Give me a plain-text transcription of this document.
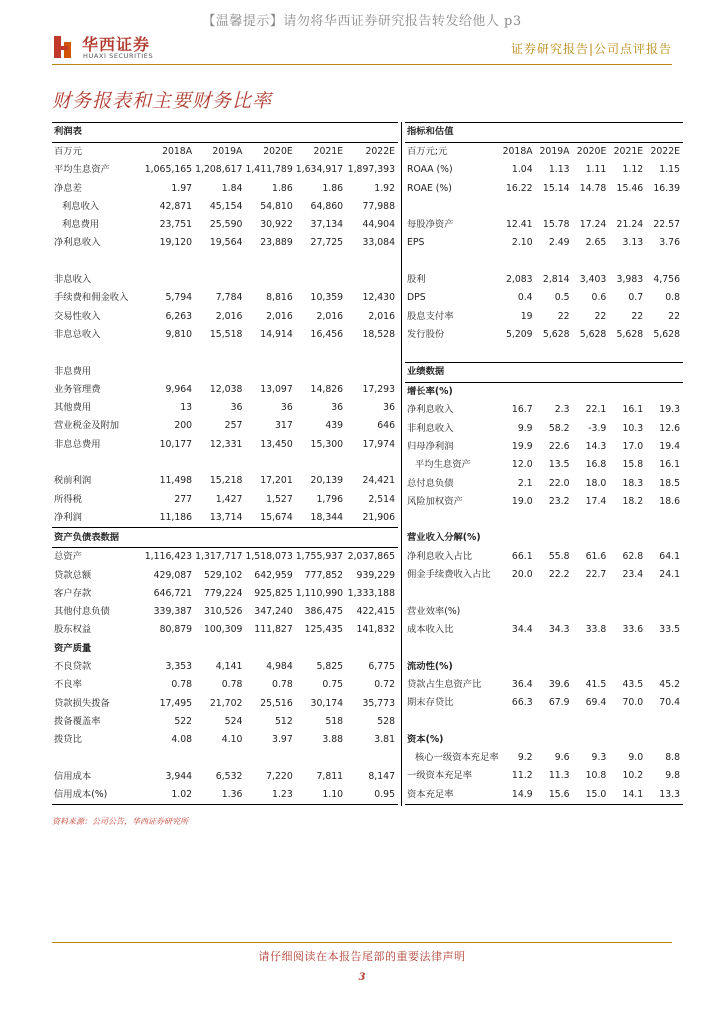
【温馨提示】请勿将华西证券研究报告转发给他人 p3
华西证券
HUAXI SECURITIES	证券研究报告|公司点评报告
财务报表和主要财务比率
利润表					
百万元	2018A	2019A	2020E	2021E	2022E
平均生息资产	1,065,165	1,208,617	1,411,789	1,634,917	1,897,393
净息差	1.97	1.84	1.86	1.86	1.92
利息收入	42,871	45,154	54,810	64,860	77,988
利息费用	23,751	25,590	30,922	37,134	44,904
净利息收入	19,120	19,564	23,889	27,725	33,084

非息收入					
手续费和佣金收入	5,794	7,784	8,816	10,359	12,430
交易性收入	6,263	2,016	2,016	2,016	2,016
非息总收入	9,810	15,518	14,914	16,456	18,528

非息费用					
业务管理费	9,964	12,038	13,097	14,826	17,293
其他费用	13	36	36	36	36
营业税金及附加	200	257	317	439	646
非息总费用	10,177	12,331	13,450	15,300	17,974

税前利润	11,498	15,218	17,201	20,139	24,421
所得税	277	1,427	1,527	1,796	2,514
净利润	11,186	13,714	15,674	18,344	21,906
资产负债表数据					
总资产	1,116,423	1,317,717	1,518,073	1,755,937	2,037,865
贷款总额	429,087	529,102	642,959	777,852	939,229
客户存款	646,721	779,224	925,825	1,110,990	1,333,188
其他付息负债	339,387	310,526	347,240	386,475	422,415
股东权益	80,879	100,309	111,827	125,435	141,832
资产质量					
不良贷款	3,353	4,141	4,984	5,825	6,775
不良率	0.78	0.78	0.78	0.75	0.72
贷款损失拨备	17,495	21,702	25,516	30,174	35,773
拨备覆盖率	522	524	512	518	528
拨贷比	4.08	4.10	3.97	3.88	3.81

信用成本	3,944	6,532	7,220	7,811	8,147
信用成本(%)	1.02	1.36	1.23	1.10	0.95
指标和估值					
百万元;元	2018A	2019A	2020E	2021E	2022E
ROAA (%)	1.04	1.13	1.11	1.12	1.15
ROAE (%)	16.22	15.14	14.78	15.46	16.39

每股净资产	12.41	15.78	17.24	21.24	22.57
EPS	2.10	2.49	2.65	3.13	3.76

股利	2,083	2,814	3,403	3,983	4,756
DPS	0.4	0.5	0.6	0.7	0.8
股息支付率	19	22	22	22	22
发行股份	5,209	5,628	5,628	5,628	5,628

业绩数据					
增长率(%)					
净利息收入	16.7	2.3	22.1	16.1	19.3
非利息收入	9.9	58.2	-3.9	10.3	12.6
归母净利润	19.9	22.6	14.3	17.0	19.4
平均生息资产	12.0	13.5	16.8	15.8	16.1
总付息负债	2.1	22.0	18.0	18.3	18.5
风险加权资产	19.0	23.2	17.4	18.2	18.6

营业收入分解(%)					
净利息收入占比	66.1	55.8	61.6	62.8	64.1
佣金手续费收入占比	20.0	22.2	22.7	23.4	24.1

营业效率(%)					
成本收入比	34.4	34.3	33.8	33.6	33.5

流动性(%)					
贷款占生息资产比	36.4	39.6	41.5	43.5	45.2
期末存贷比	66.3	67.9	69.4	70.0	70.4

资本(%)					
核心一级资本充足率	9.2	9.6	9.3	9.0	8.8
一级资本充足率	11.2	11.3	10.8	10.2	9.8
资本充足率	14.9	15.6	15.0	14.1	13.3
资料来源：公司公告，华西证券研究所
请仔细阅读在本报告尾部的重要法律声明
3
